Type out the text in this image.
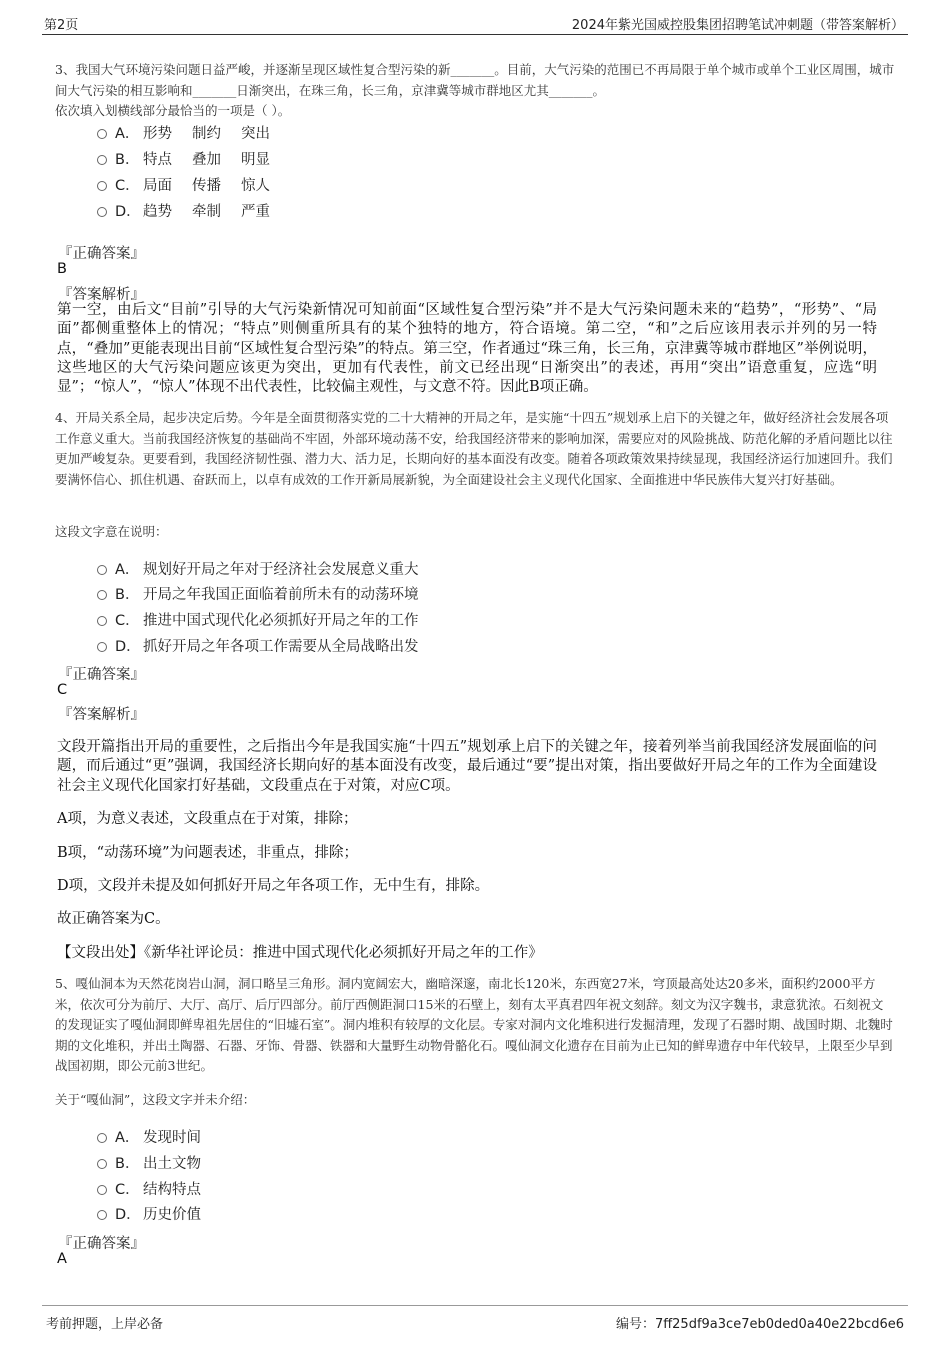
第2页	2024年紫光国威控股集团招聘笔试冲刺题（带答案解析）
3、我国大气环境污染问题日益严峻，并逐渐呈现区域性复合型污染的新_______。目前，大气污染的范围已不再局限于单个城市或单个工业区周围，城市间大气污染的相互影响和_______日渐突出，在珠三角，长三角，京津冀等城市群地区尤其_______。
依次填入划横线部分最恰当的一项是（ ）。
A． 形势 制约 突出
B． 特点 叠加 明显
C． 局面 传播 惊人
D． 趋势 牵制 严重
『正确答案』
B
『答案解析』
第一空，由后文“目前”引导的大气污染新情况可知前面“区域性复合型污染”并不是大气污染问题未来的“趋势”，“形势”、“局面”都侧重整体上的情况；“特点”则侧重所具有的某个独特的地方，符合语境。第二空，“和”之后应该用表示并列的另一特点，“叠加”更能表现出目前“区域性复合型污染”的特点。第三空，作者通过“珠三角，长三角，京津冀等城市群地区”举例说明，这些地区的大气污染问题应该更为突出，更加有代表性，前文已经出现“日渐突出”的表述，再用“突出”语意重复，应选“明显”；“惊人”，“惊人”体现不出代表性，比较偏主观性，与文意不符。因此B项正确。
4、开局关系全局，起步决定后势。今年是全面贯彻落实党的二十大精神的开局之年，是实施“十四五”规划承上启下的关键之年，做好经济社会发展各项工作意义重大。当前我国经济恢复的基础尚不牢固，外部环境动荡不安，给我国经济带来的影响加深，需要应对的风险挑战、防范化解的矛盾问题比以往更加严峻复杂。更要看到，我国经济韧性强、潜力大、活力足，长期向好的基本面没有改变。随着各项政策效果持续显现，我国经济运行加速回升。我们要满怀信心、抓住机遇、奋跃而上，以卓有成效的工作开新局展新貌，为全面建设社会主义现代化国家、全面推进中华民族伟大复兴打好基础。
这段文字意在说明：
A． 规划好开局之年对于经济社会发展意义重大
B． 开局之年我国正面临着前所未有的动荡环境
C． 推进中国式现代化必须抓好开局之年的工作
D． 抓好开局之年各项工作需要从全局战略出发
『正确答案』
C
『答案解析』
文段开篇指出开局的重要性，之后指出今年是我国实施“十四五”规划承上启下的关键之年，接着列举当前我国经济发展面临的问题，而后通过“更”强调，我国经济长期向好的基本面没有改变，最后通过“要”提出对策，指出要做好开局之年的工作为全面建设社会主义现代化国家打好基础，文段重点在于对策，对应C项。
A项，为意义表述，文段重点在于对策，排除；
B项，“动荡环境”为问题表述，非重点，排除；
D项，文段并未提及如何抓好开局之年各项工作，无中生有，排除。
故正确答案为C。
【文段出处】《新华社评论员：推进中国式现代化必须抓好开局之年的工作》
5、嘎仙洞本为天然花岗岩山洞，洞口略呈三角形。洞内宽阔宏大，幽暗深邃，南北长120米，东西宽27米，穹顶最高处达20多米，面积约2000平方米，依次可分为前厅、大厅、高厅、后厅四部分。前厅西侧距洞口15米的石壁上，刻有太平真君四年祝文刻辞。刻文为汉字魏书，隶意犹浓。石刻祝文的发现证实了嘎仙洞即鲜卑祖先居住的“旧墟石室”。洞内堆积有较厚的文化层。专家对洞内文化堆积进行发掘清理，发现了石器时期、战国时期、北魏时期的文化堆积，并出土陶器、石器、牙饰、骨器、铁器和大量野生动物骨骼化石。嘎仙洞文化遗存在目前为止已知的鲜卑遗存中年代较早，上限至少早到战国初期，即公元前3世纪。
关于“嘎仙洞”，这段文字并未介绍：
A． 发现时间
B． 出土文物
C． 结构特点
D． 历史价值
『正确答案』
A
考前押题，上岸必备	编号：7ff25df9a3ce7eb0ded0a40e22bcd6e6
